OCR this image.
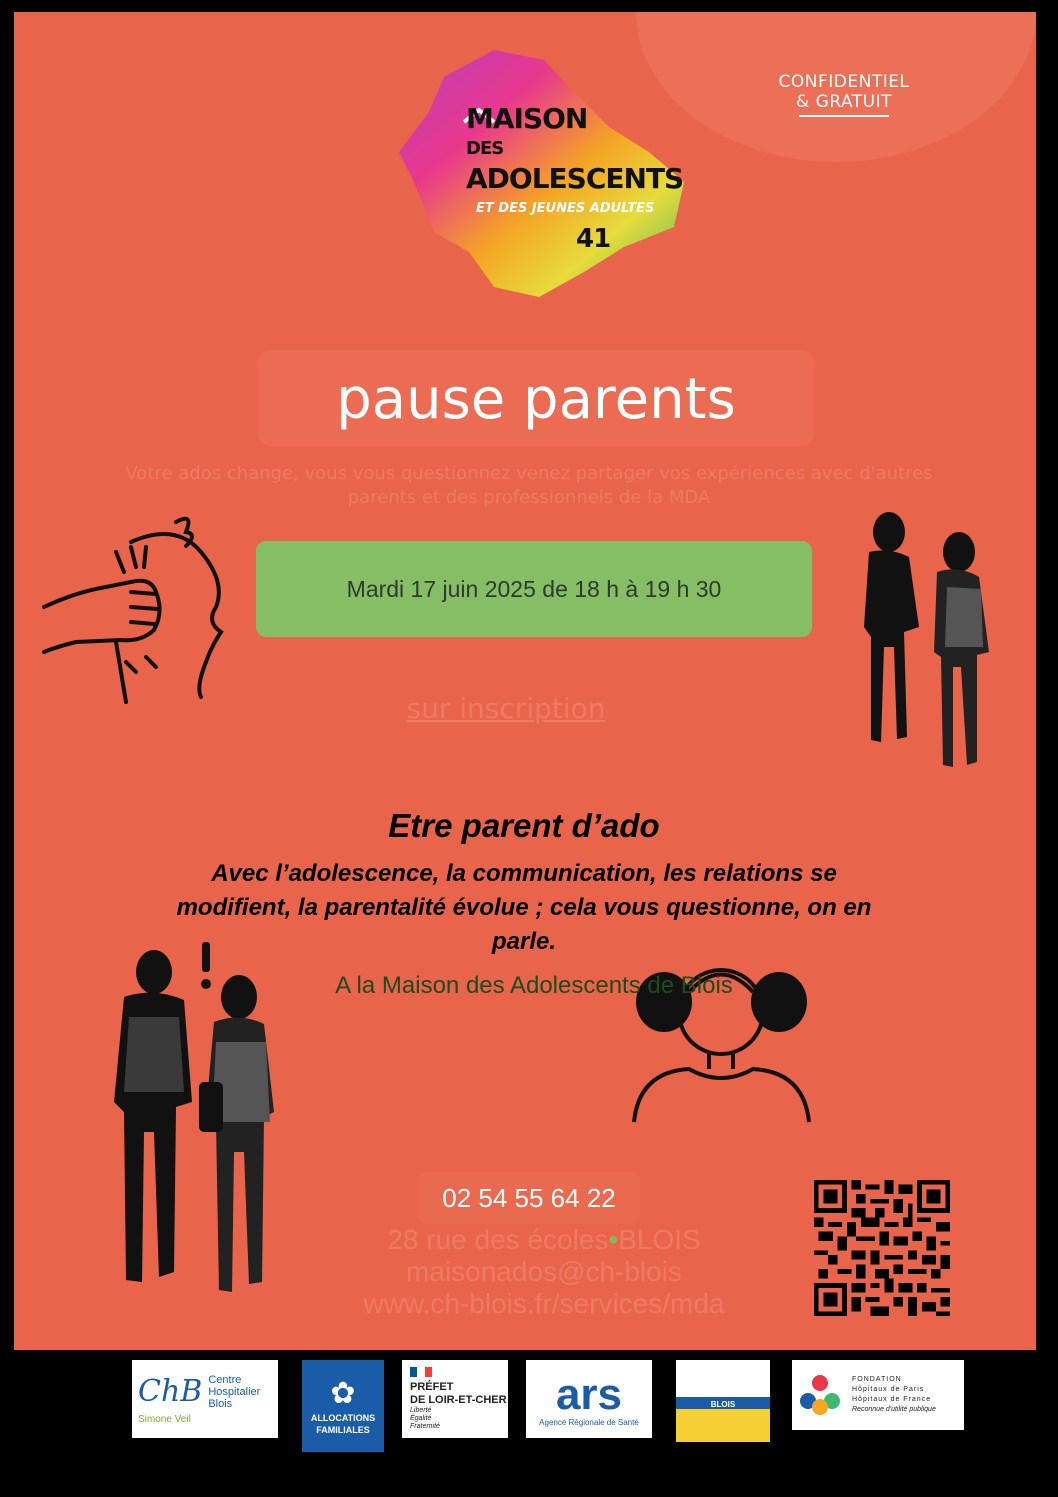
CONFIDENTIEL
& GRATUIT
MAISON
DES
ADOLESCENTS
ET DES JEUNES ADULTES
41
pause parents
Votre ados change, vous vous questionnez venez partager vos expériences avec d'autres parents et des professionnels de la MDA
Mardi 17 juin 2025 de 18 h à 19 h 30
sur inscription
Etre parent d’ado
Avec l’adolescence, la communication, les relations se modifient, la parentalité évolue ; cela vous questionne, on en parle.
A la Maison des Adolescents de Blois
02 54 55 64 22
28 rue des écoles•BLOIS
maisonados@ch-blois
www.ch-blois.fr/services/mda
ChB Centre
Hospitalier
Blois
Simone Veil
✿
ALLOCATIONS
FAMILIALES
PRÉFET
DE LOIR-ET-CHER
Liberté
Égalité
Fraternité
ars
Agence Régionale de Santé
BLOIS
FONDATION
Hôpitaux de Paris
Hôpitaux de France
Reconnue d'utilité publique
